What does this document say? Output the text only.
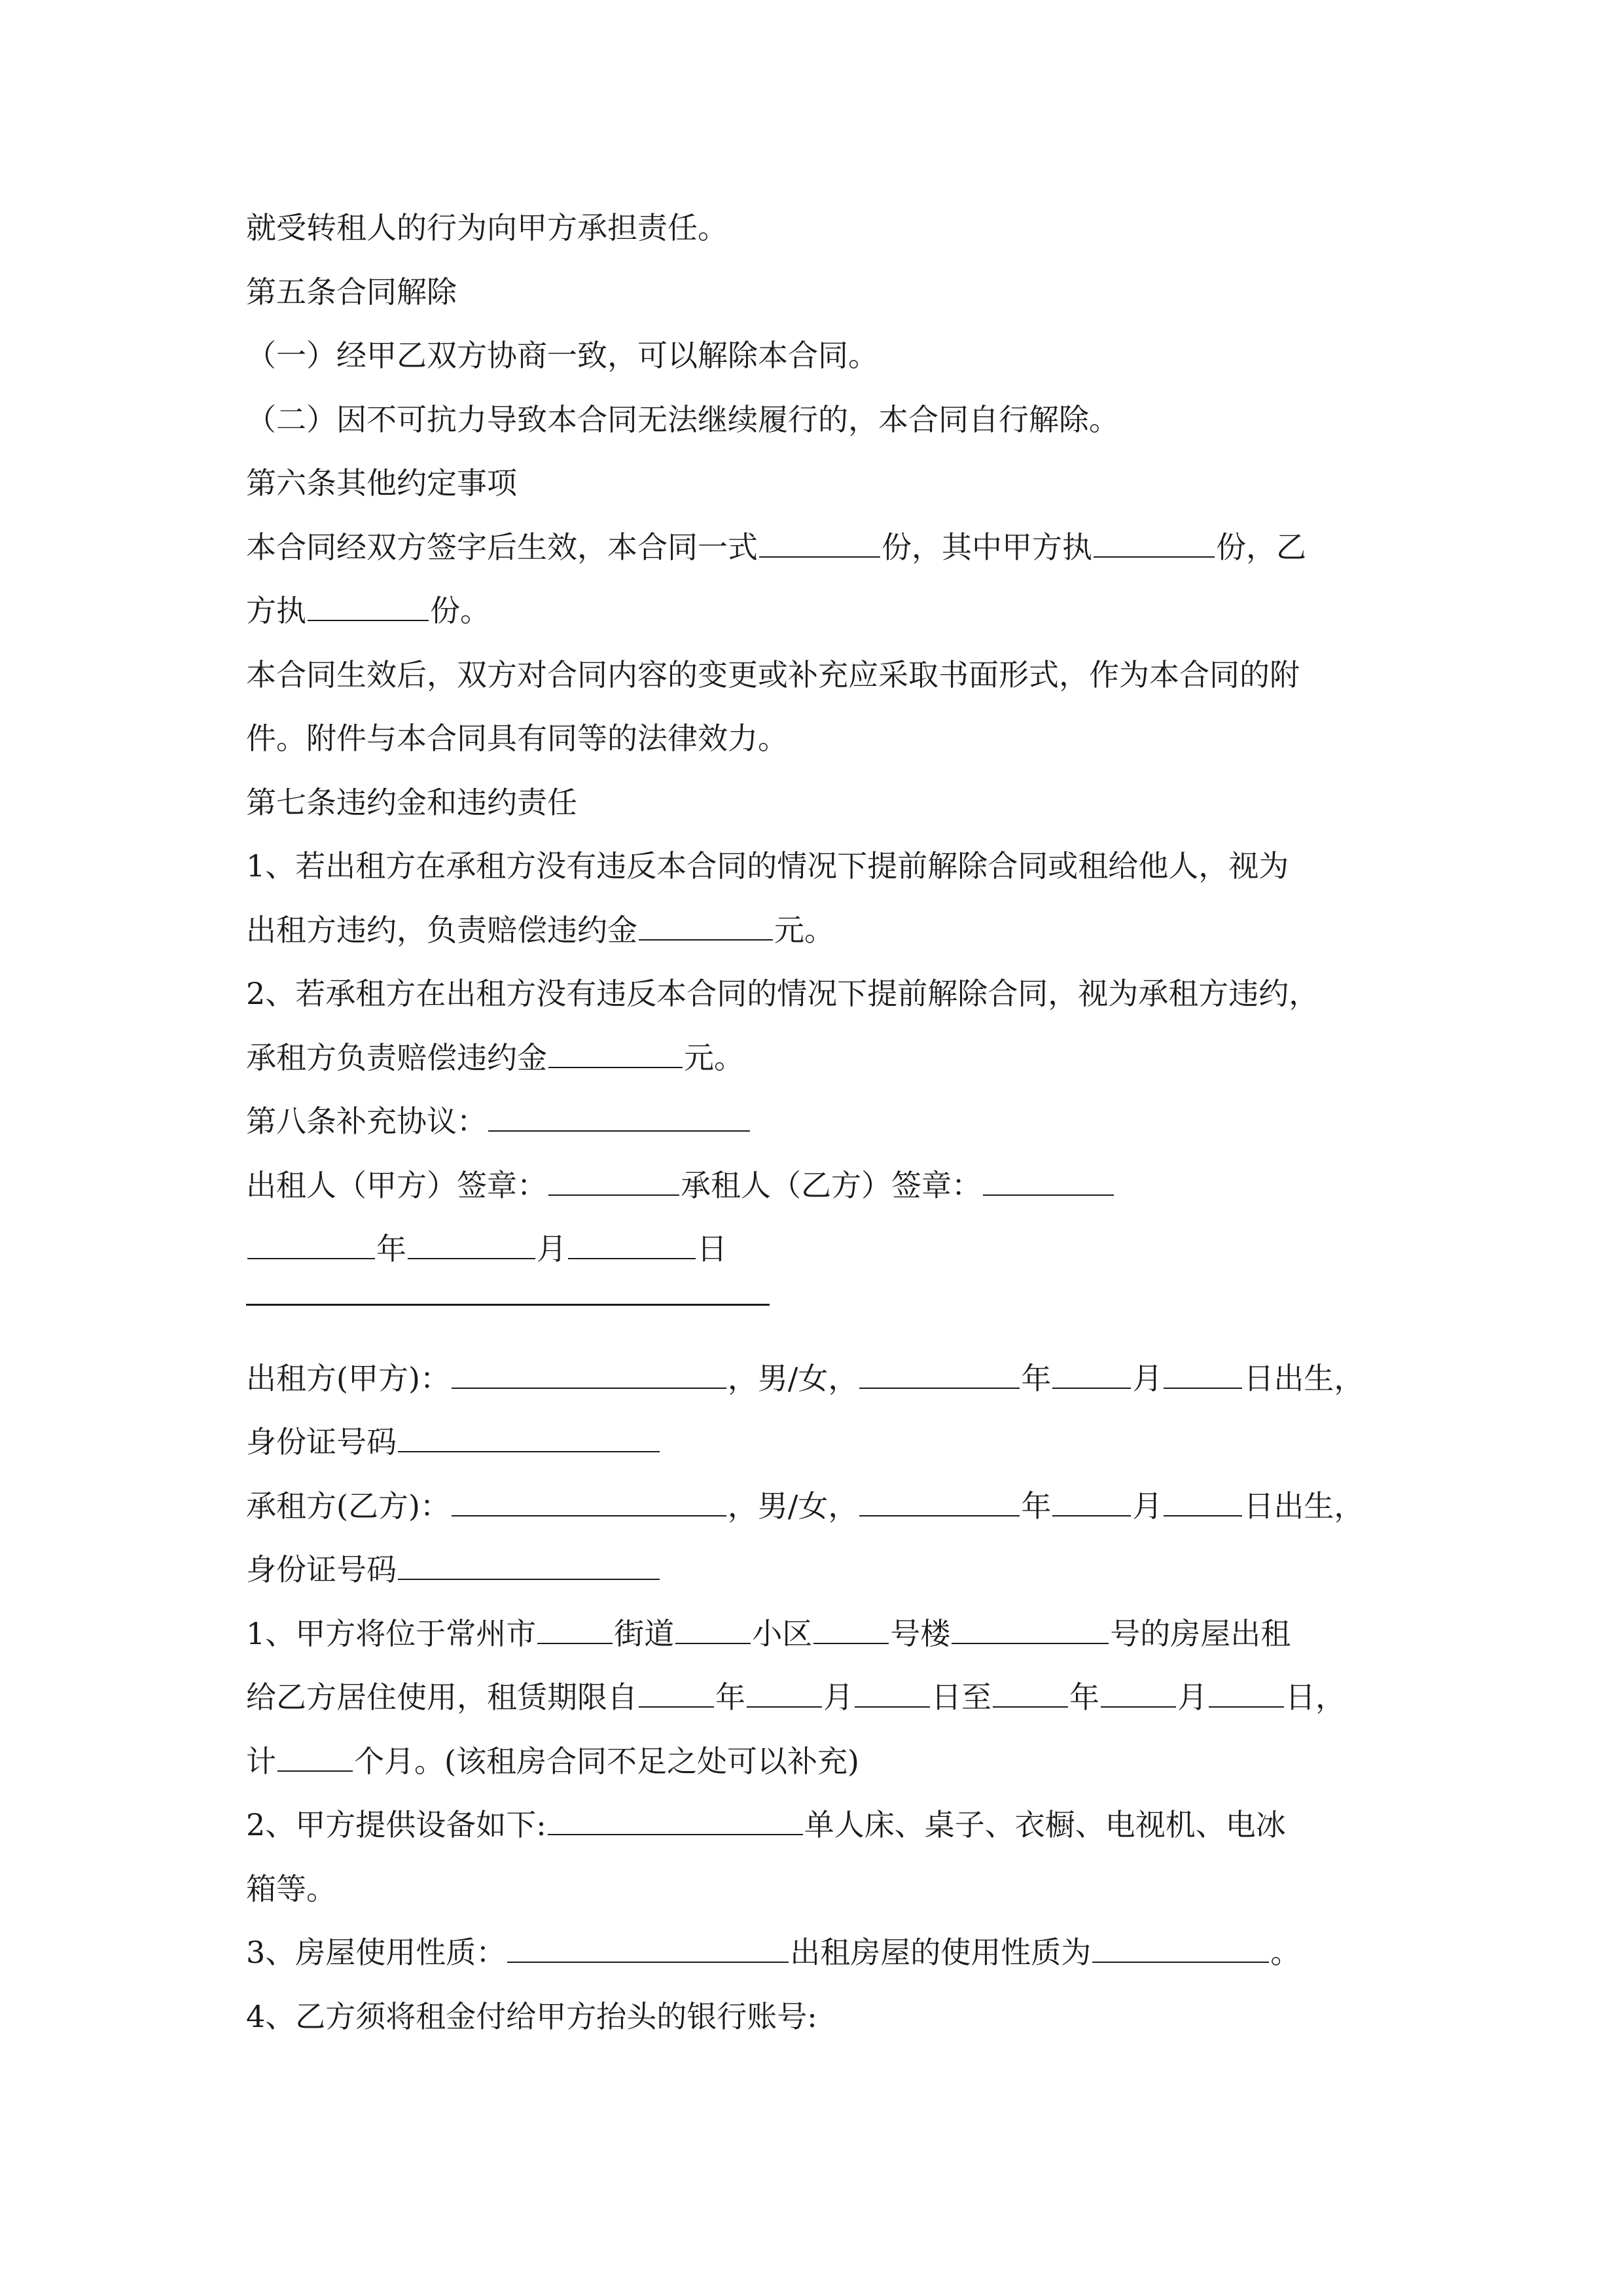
就受转租人的行为向甲方承担责任。
第五条合同解除
（一）经甲乙双方协商一致，可以解除本合同。
（二）因不可抗力导致本合同无法继续履行的，本合同自行解除。
第六条其他约定事项
本合同经双方签字后生效，本合同一式	份，其中甲方执	份，乙
方执	份。
本合同生效后，双方对合同内容的变更或补充应采取书面形式，作为本合同的附
件。附件与本合同具有同等的法律效力。
第七条违约金和违约责任
1、若出租方在承租方没有违反本合同的情况下提前解除合同或租给他人，视为
出租方违约，负责赔偿违约金	元。
2、若承租方在出租方没有违反本合同的情况下提前解除合同，视为承租方违约，
承租方负责赔偿违约金	元。
第八条补充协议：
出租人（甲方）签章：	承租人（乙方）签章：
年	月	日
出租方(甲方)：	，男/女，	年	月	日出生，
身份证号码
承租方(乙方)：	，男/女，	年	月	日出生，
身份证号码
1、甲方将位于常州市	街道	小区	号楼	号的房屋出租
给乙方居住使用，租赁期限自	年	月	日至	年	月	日，
计	个月。(该租房合同不足之处可以补充)
2、甲方提供设备如下:	单人床、桌子、衣橱、电视机、电冰
箱等。
3、房屋使用性质：	出租房屋的使用性质为	。
4、乙方须将租金付给甲方抬头的银行账号:
